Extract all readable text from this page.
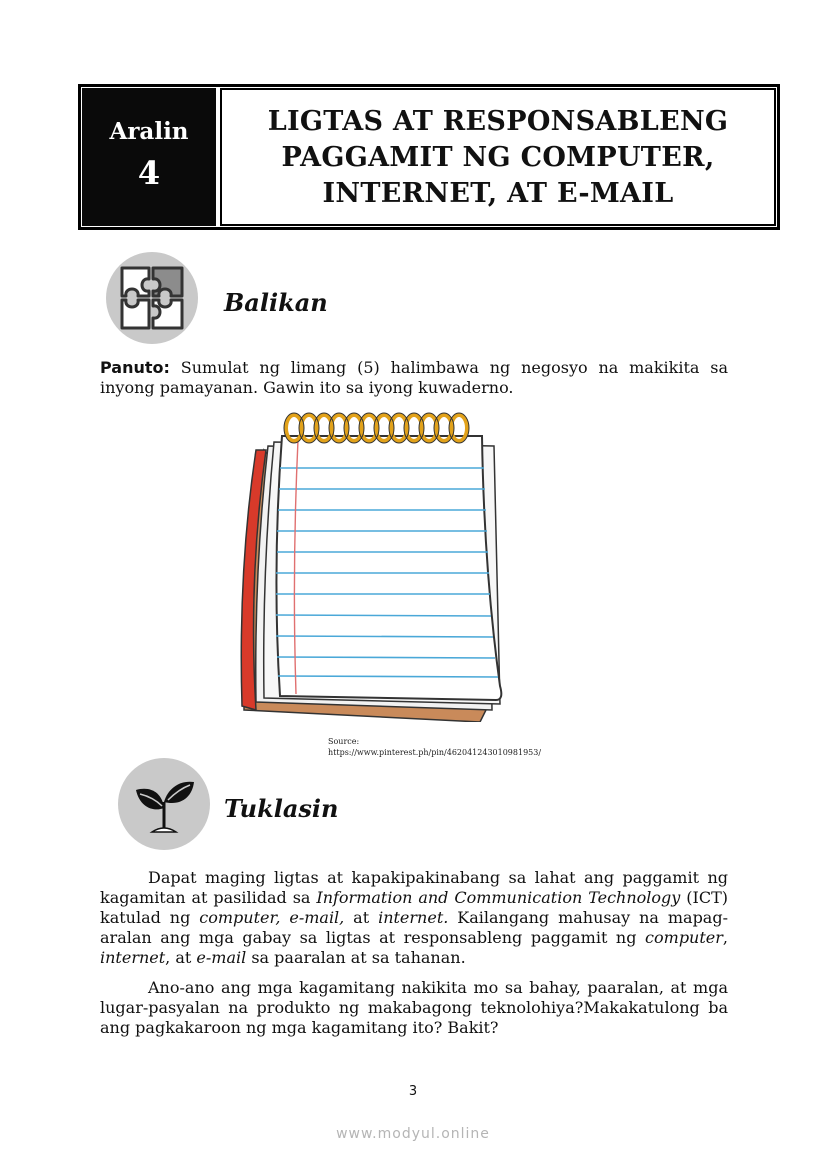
Aralin
4
LIGTAS AT RESPONSABLENG
PAGGAMIT NG COMPUTER,
INTERNET, AT E-MAIL
Balikan
Panuto: Sumulat ng limang (5) halimbawa ng negosyo na makikita sa inyong pamayanan. Gawin ito sa iyong kuwaderno.
Source:
https://www.pinterest.ph/pin/462041243010981953/
Tuklasin
Dapat maging ligtas at kapakipakinabang sa lahat ang paggamit ng kagamitan at pasilidad sa Information and Communication Technology (ICT) katulad ng computer, e-mail, at internet. Kailangang mahusay na mapag-aralan ang mga gabay sa ligtas at responsableng paggamit ng computer, internet, at e-mail sa paaralan at sa tahanan.
Ano-ano ang mga kagamitang nakikita mo sa bahay, paaralan, at mga lugar-pasyalan na produkto ng makabagong teknolohiya?Makakatulong ba ang pagkakaroon ng mga kagamitang ito? Bakit?
3
www.modyul.online
